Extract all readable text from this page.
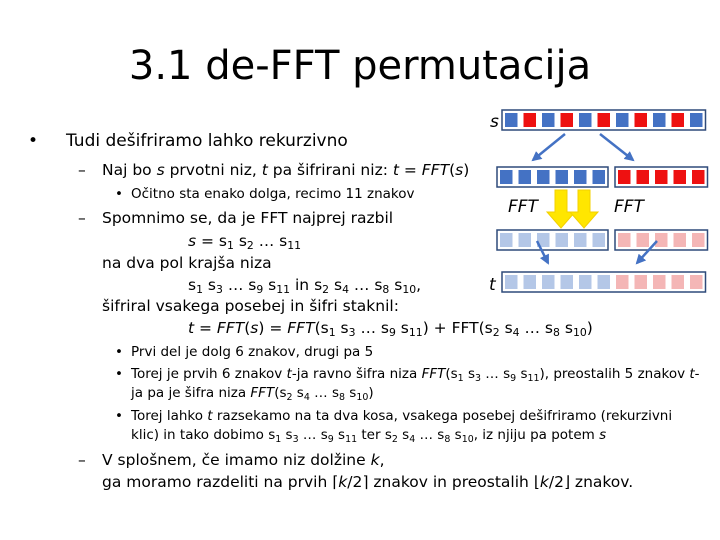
3.1 de-FFT permutacija
• Tudi dešifriramo lahko rekurzivno
– Naj bo s prvotni niz, t pa šifrirani niz: t = FFT(s)
• Očitno sta enako dolga, recimo 11 znakov
– Spomnimo se, da je FFT najprej razbil
$s = s_1$ $s_2$ … $s_{11}$
na dva pol krajša niza
$s_1$ $s_3$ … $s_9$ $s_{11}$ in $s_2$ $s_4$ … $s_8$ $s_{10}$,
šifriral vsakega posebej in šifri staknil:
$t = FFT(s) = FFT(s_1$ $s_3$ … $s_9$ $s_{11}) + FFT(s_2$ $s_4$ … $s_8$ $s_{10}$)
• Prvi del je dolg 6 znakov, drugi pa 5
• Torej je prvih 6 znakov t-ja ravno šifra niza $FFT(s_1$ $s_3$ … $s_9$ $s_{11}$), preostalih 5 znakov t-
ja pa je šifra niza $FFT(s_2$ $s_4$ … $s_8$ $s_{10}$)
• Torej lahko t razsekamo na ta dva kosa, vsakega posebej dešifriramo (rekurzivni
klic) in tako dobimo $s_1$ $s_3$ … $s_9$ $s_{11}$ ter $s_2$ $s_4$ … $s_8$ $s_{10}$, iz njiju pa potem s
– V splošnem, če imamo niz dolžine k,
ga moramo razdeliti na prvih ⌈k/2⌉ znakov in preostalih ⌊k/2⌋ znakov.
s
t
FFT	FFT
